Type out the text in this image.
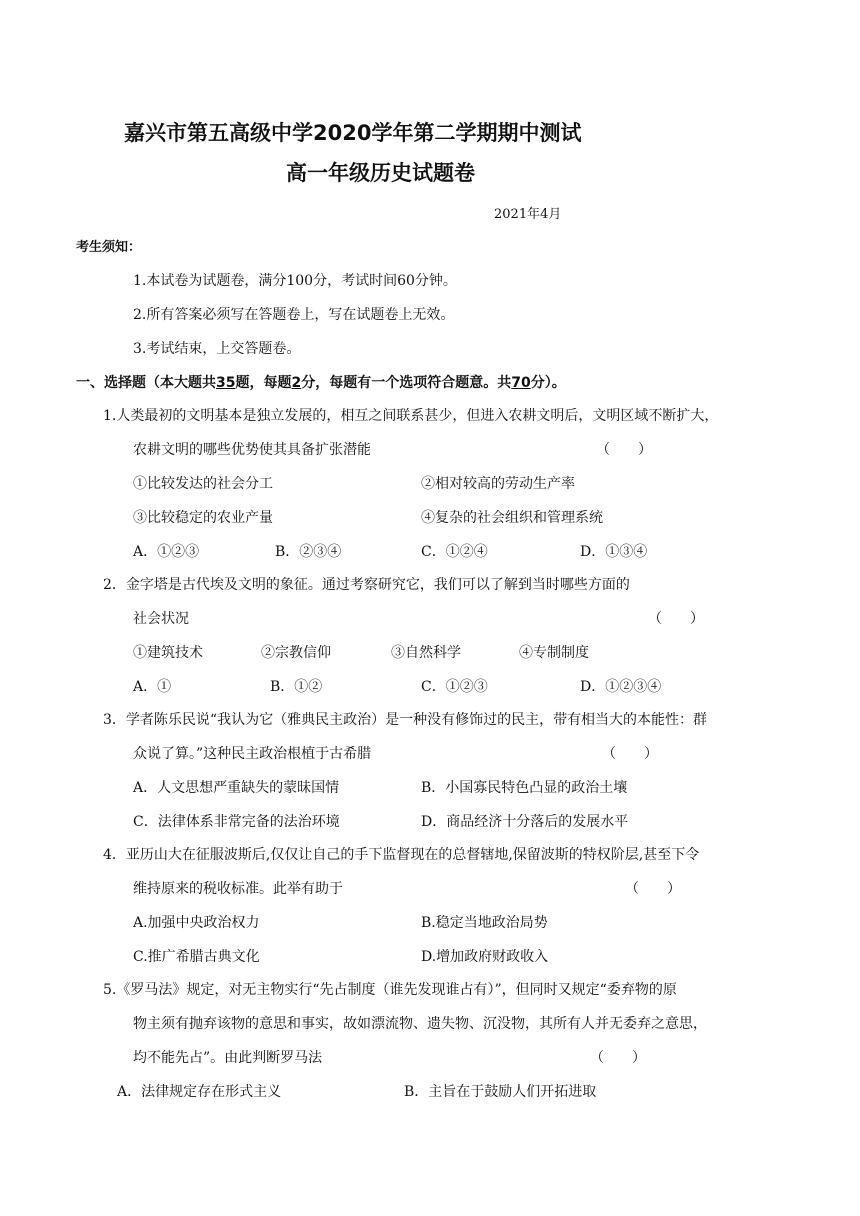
嘉兴市第五高级中学2020学年第二学期期中测试
高一年级历史试题卷
2021年4月
考生须知：
1.本试卷为试题卷，满分100分，考试时间60分钟。
2.所有答案必须写在答题卷上，写在试题卷上无效。
3.考试结束，上交答题卷。
一、选择题（本大题共35题，每题2分，每题有一个选项符合题意。共70分）。
1.人类最初的文明基本是独立发展的，相互之间联系甚少，但进入农耕文明后，文明区域不断扩大，
农耕文明的哪些优势使其具备扩张潜能	（　　）
①比较发达的社会分工	②相对较高的劳动生产率
③比较稳定的农业产量	④复杂的社会组织和管理系统
A．①②③	B．②③④	C．①②④	D．①③④
2．金字塔是古代埃及文明的象征。通过考察研究它，我们可以了解到当时哪些方面的
社会状况	（　　）
①建筑技术	②宗教信仰	③自然科学	④专制制度
A．①	B．①②	C．①②③	D．①②③④
3．学者陈乐民说“我认为它（雅典民主政治）是一种没有修饰过的民主，带有相当大的本能性：群
众说了算。”这种民主政治根植于古希腊	（　　）
A．人文思想严重缺失的蒙昧国情	B．小国寡民特色凸显的政治土壤
C．法律体系非常完备的法治环境	D．商品经济十分落后的发展水平
4．亚历山大在征服波斯后,仅仅让自己的手下监督现在的总督辖地,保留波斯的特权阶层,甚至下令
维持原来的税收标准。此举有助于	（　　）
A.加强中央政治权力	B.稳定当地政治局势
C.推广希腊古典文化	D.增加政府财政收入
5.《罗马法》规定，对无主物实行“先占制度（谁先发现谁占有）”，但同时又规定“委弃物的原
物主须有抛弃该物的意思和事实，故如漂流物、遗失物、沉没物，其所有人并无委弃之意思，
均不能先占”。由此判断罗马法	（　　）
A．法律规定存在形式主义	B．主旨在于鼓励人们开拓进取
